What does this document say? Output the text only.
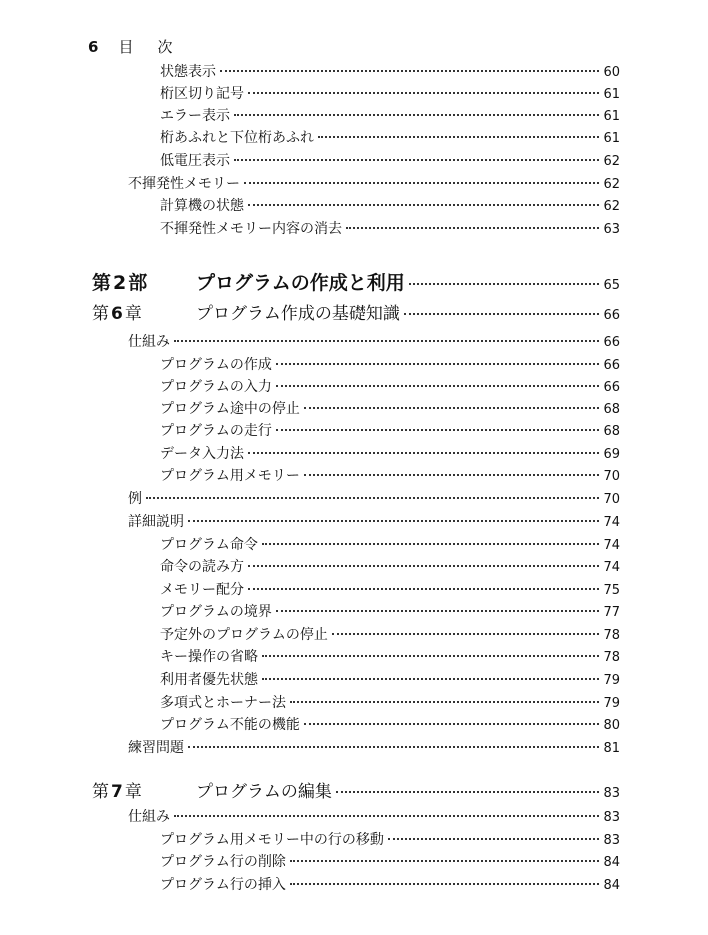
6 目次
状態表示	60
桁区切り記号	61
エラー表示	61
桁あふれと下位桁あふれ	61
低電圧表示	62
不揮発性メモリー	62
計算機の状態	62
不揮発性メモリー内容の消去	63
第 2 部	プログラムの作成と利用	65
第 6 章	プログラム作成の基礎知識	66
仕組み	66
プログラムの作成	66
プログラムの入力	66
プログラム途中の停止	68
プログラムの走行	68
データ入力法	69
プログラム用メモリー	70
例	70
詳細説明	74
プログラム命令	74
命令の読み方	74
メモリー配分	75
プログラムの境界	77
予定外のプログラムの停止	78
キー操作の省略	78
利用者優先状態	79
多項式とホーナー法	79
プログラム不能の機能	80
練習問題	81
第 7 章	プログラムの編集	83
仕組み	83
プログラム用メモリー中の行の移動	83
プログラム行の削除	84
プログラム行の挿入	84
